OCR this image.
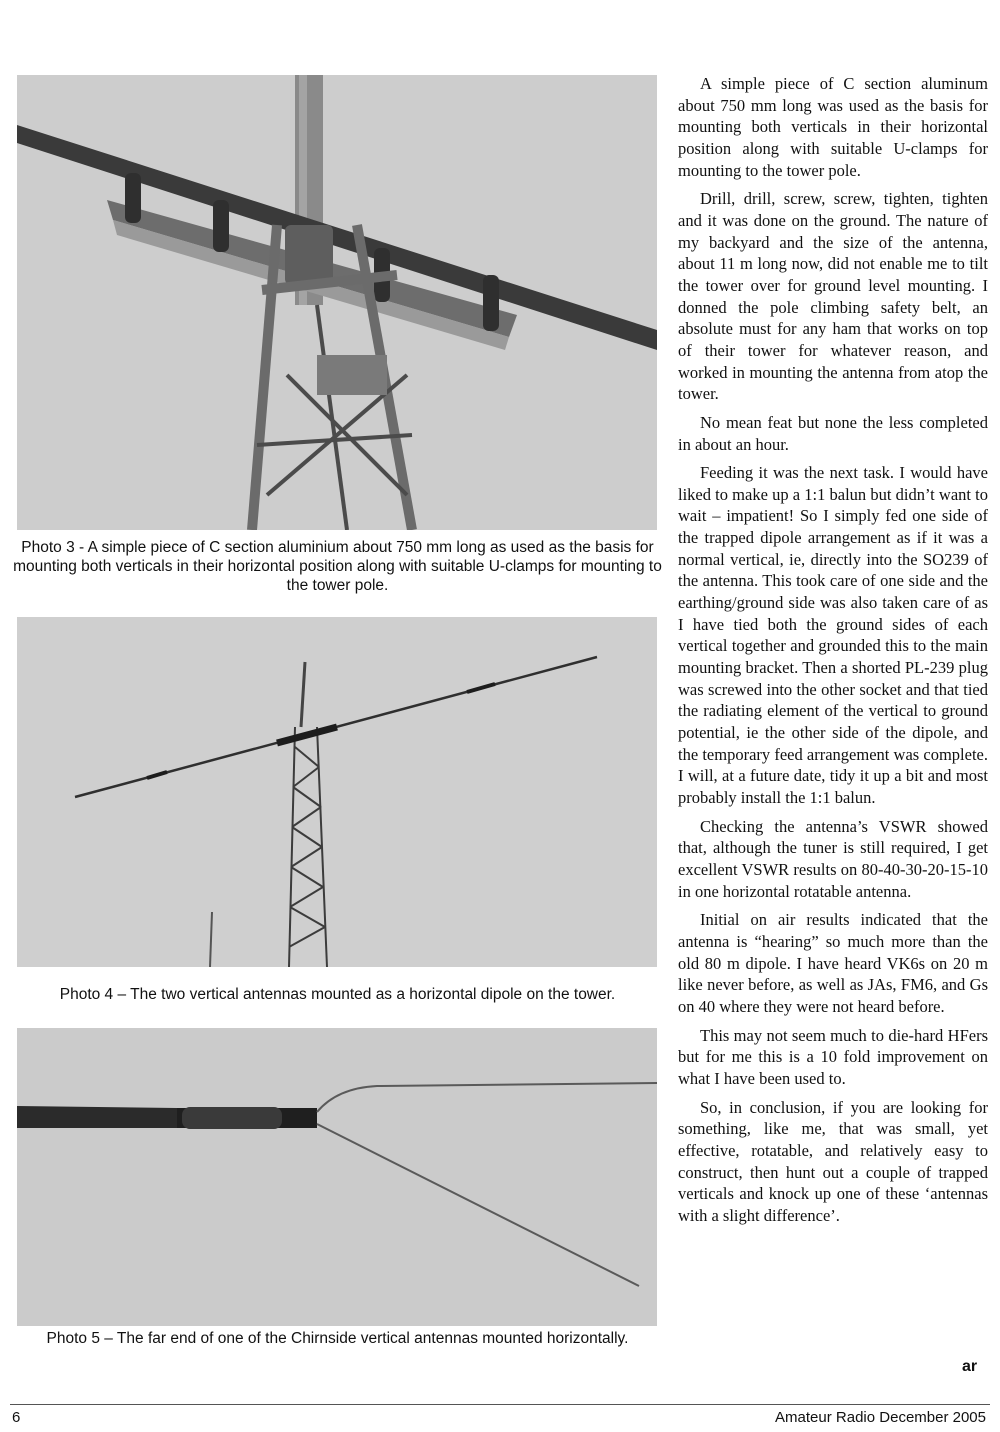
Photo 3 - A simple piece of C section aluminium about 750 mm long as used as the basis for mounting both verticals in their horizontal position along with suitable U-clamps for mounting to the tower pole.
Photo 4 – The two vertical antennas mounted as a horizontal dipole on the tower.
Photo 5 – The far end of one of the Chirnside vertical antennas mounted horizontally.

A simple piece of C section aluminum about 750 mm long was used as the basis for mounting both verticals in their horizontal position along with suitable U-clamps for mounting to the tower pole.

Drill, drill, screw, screw, tighten, tighten and it was done on the ground. The nature of my backyard and the size of the antenna, about 11 m long now, did not enable me to tilt the tower over for ground level mounting. I donned the pole climbing safety belt, an absolute must for any ham that works on top of their tower for whatever reason, and worked in mounting the antenna from atop the tower.

No mean feat but none the less completed in about an hour.

Feeding it was the next task. I would have liked to make up a 1:1 balun but didn’t want to wait – impatient! So I simply fed one side of the trapped dipole arrangement as if it was a normal vertical, ie, directly into the SO239 of the antenna. This took care of one side and the earthing/ground side was also taken care of as I have tied both the ground sides of each vertical together and grounded this to the main mounting bracket. Then a shorted PL-239 plug was screwed into the other socket and that tied the radiating element of the vertical to ground potential, ie the other side of the dipole, and the temporary feed arrangement was complete. I will, at a future date, tidy it up a bit and most probably install the 1:1 balun.

Checking the antenna’s VSWR showed that, although the tuner is still required, I get excellent VSWR results on 80-40-30-20-15-10 in one horizontal rotatable antenna.

Initial on air results indicated that the antenna is “hearing” so much more than the old 80 m dipole. I have heard VK6s on 20 m like never before, as well as JAs, FM6, and Gs on 40 where they were not heard before.

This may not seem much to die-hard HFers but for me this is a 10 fold improvement on what I have been used to.

So, in conclusion, if you are looking for something, like me, that was small, yet effective, rotatable, and relatively easy to construct, then hunt out a couple of trapped verticals and knock up one of these ‘antennas with a slight difference’.

ar
6	Amateur Radio December 2005
